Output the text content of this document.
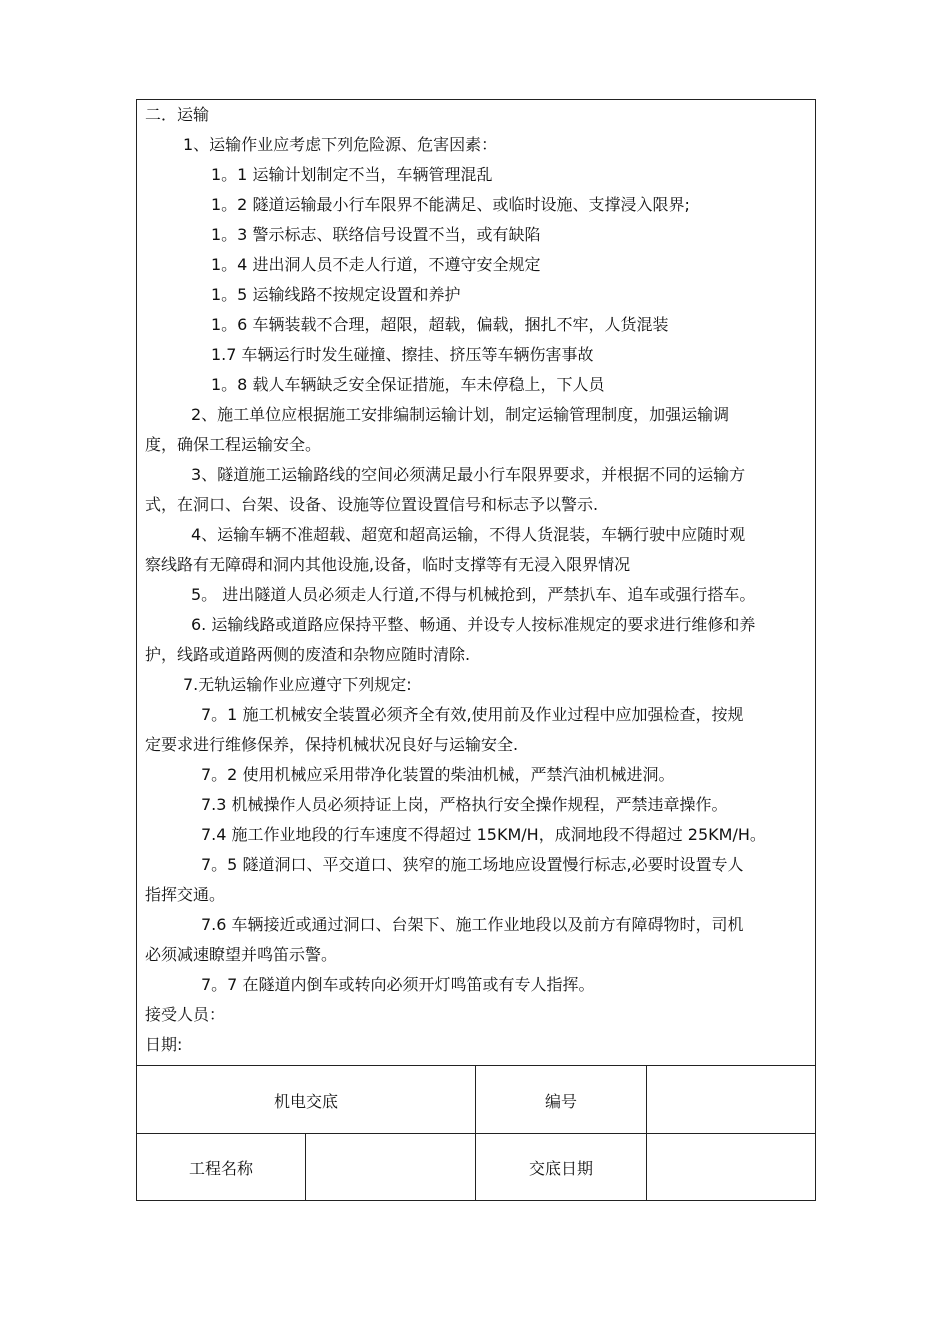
二．运输
1、运输作业应考虑下列危险源、危害因素：
1。1 运输计划制定不当，车辆管理混乱
1。2 隧道运输最小行车限界不能满足、或临时设施、支撑浸入限界;
1。3 警示标志、联络信号设置不当，或有缺陷
1。4 进出洞人员不走人行道，不遵守安全规定
1。5 运输线路不按规定设置和养护
1。6 车辆装载不合理，超限，超载，偏载，捆扎不牢，人货混装
1.7 车辆运行时发生碰撞、擦挂、挤压等车辆伤害事故
1。8 载人车辆缺乏安全保证措施，车未停稳上，下人员
2、施工单位应根据施工安排编制运输计划，制定运输管理制度，加强运输调
度，确保工程运输安全。
3、隧道施工运输路线的空间必须满足最小行车限界要求，并根据不同的运输方
式，在洞口、台架、设备、设施等位置设置信号和标志予以警示.
4、运输车辆不准超载、超宽和超高运输，不得人货混装，车辆行驶中应随时观
察线路有无障碍和洞内其他设施,设备，临时支撑等有无浸入限界情况
5。 进出隧道人员必须走人行道,不得与机械抢到，严禁扒车、追车或强行搭车。
6. 运输线路或道路应保持平整、畅通、并设专人按标准规定的要求进行维修和养
护，线路或道路两侧的废渣和杂物应随时清除.
7.无轨运输作业应遵守下列规定:
7。1 施工机械安全装置必须齐全有效,使用前及作业过程中应加强检查，按规
定要求进行维修保养，保持机械状况良好与运输安全.
7。2 使用机械应采用带净化装置的柴油机械，严禁汽油机械进洞。
7.3 机械操作人员必须持证上岗，严格执行安全操作规程，严禁违章操作。
7.4 施工作业地段的行车速度不得超过 15KM/H，成洞地段不得超过 25KM/H。
7。5 隧道洞口、平交道口、狭窄的施工场地应设置慢行标志,必要时设置专人
指挥交通。
7.6 车辆接近或通过洞口、台架下、施工作业地段以及前方有障碍物时，司机
必须减速瞭望并鸣笛示警。
7。7 在隧道内倒车或转向必须开灯鸣笛或有专人指挥。
接受人员：
日期:
机电交底	编号
工程名称	交底日期
